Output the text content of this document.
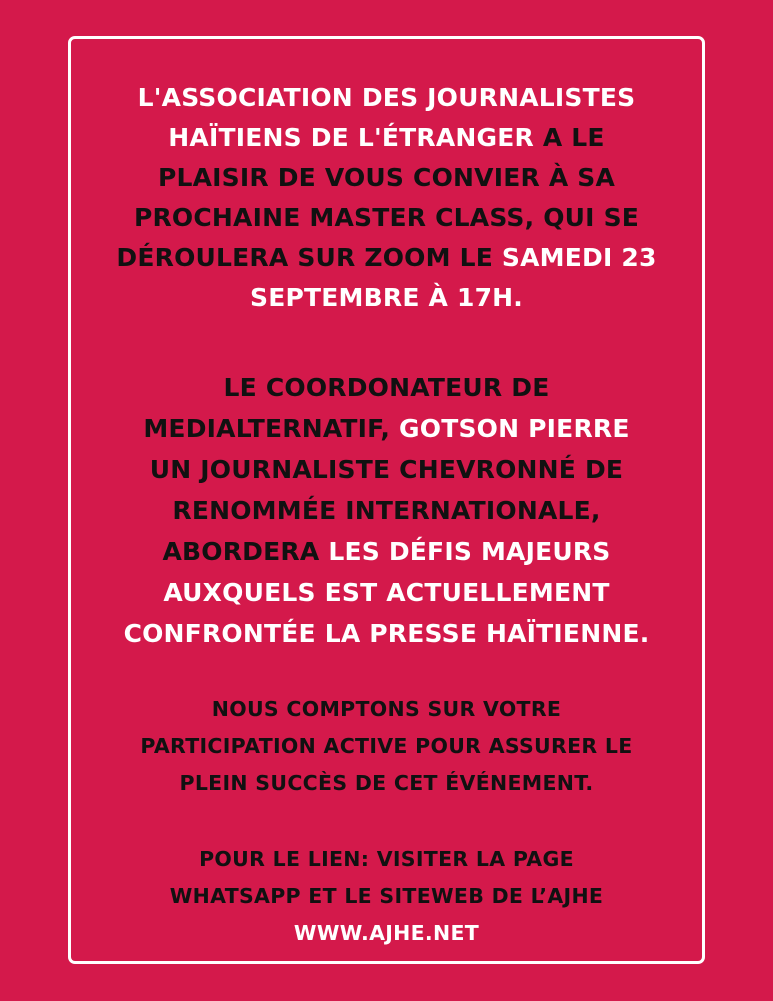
L'ASSOCIATION DES JOURNALISTES
HAÏTIENS DE L'ÉTRANGER A LE
PLAISIR DE VOUS CONVIER À SA
PROCHAINE MASTER CLASS, QUI SE
DÉROULERA SUR ZOOM LE SAMEDI 23
SEPTEMBRE À 17H.

LE COORDONATEUR DE
MEDIALTERNATIF, GOTSON PIERRE
UN JOURNALISTE CHEVRONNÉ DE
RENOMMÉE INTERNATIONALE,
ABORDERA LES DÉFIS MAJEURS
AUXQUELS EST ACTUELLEMENT
CONFRONTÉE LA PRESSE HAÏTIENNE.

NOUS COMPTONS SUR VOTRE
PARTICIPATION ACTIVE POUR ASSURER LE
PLEIN SUCCÈS DE CET ÉVÉNEMENT.

POUR LE LIEN: VISITER LA PAGE
WHATSAPP ET LE SITEWEB DE L’AJHE
WWW.AJHE.NET
